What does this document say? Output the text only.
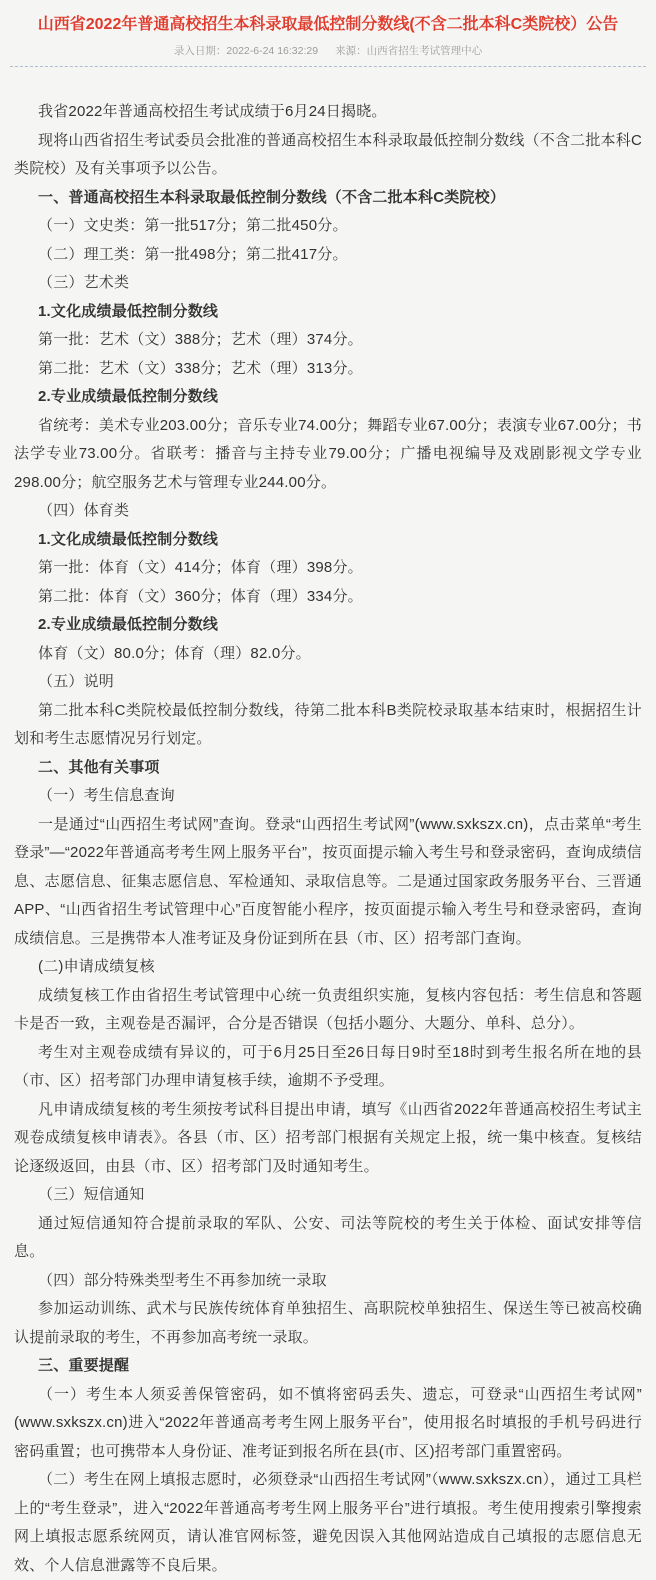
山西省2022年普通高校招生本科录取最低控制分数线(不含二批本科C类院校）公告
录入日期：2022-6-24 16:32:29 来源：山西省招生考试管理中心

我省2022年普通高校招生考试成绩于6月24日揭晓。

现将山西省招生考试委员会批准的普通高校招生本科录取最低控制分数线（不含二批本科C类院校）及有关事项予以公告。

一、普通高校招生本科录取最低控制分数线（不含二批本科C类院校）

（一）文史类：第一批517分；第二批450分。

（二）理工类：第一批498分；第二批417分。

（三）艺术类

1.文化成绩最低控制分数线

第一批：艺术（文）388分；艺术（理）374分。

第二批：艺术（文）338分；艺术（理）313分。

2.专业成绩最低控制分数线

省统考：美术专业203.00分；音乐专业74.00分；舞蹈专业67.00分；表演专业67.00分；书法学专业73.00分。省联考：播音与主持专业79.00分；广播电视编导及戏剧影视文学专业298.00分；航空服务艺术与管理专业244.00分。

（四）体育类

1.文化成绩最低控制分数线

第一批：体育（文）414分；体育（理）398分。

第二批：体育（文）360分；体育（理）334分。

2.专业成绩最低控制分数线

体育（文）80.0分；体育（理）82.0分。

（五）说明

第二批本科C类院校最低控制分数线，待第二批本科B类院校录取基本结束时，根据招生计划和考生志愿情况另行划定。

二、其他有关事项

（一）考生信息查询

一是通过“山西招生考试网”查询。登录“山西招生考试网”(www.sxkszx.cn)，点击菜单“考生登录”—“2022年普通高考考生网上服务平台”，按页面提示输入考生号和登录密码，查询成绩信息、志愿信息、征集志愿信息、军检通知、录取信息等。二是通过国家政务服务平台、三晋通APP、“山西省招生考试管理中心”百度智能小程序，按页面提示输入考生号和登录密码，查询成绩信息。三是携带本人准考证及身份证到所在县（市、区）招考部门查询。

(二)申请成绩复核

成绩复核工作由省招生考试管理中心统一负责组织实施，复核内容包括：考生信息和答题卡是否一致，主观卷是否漏评，合分是否错误（包括小题分、大题分、单科、总分）。

考生对主观卷成绩有异议的，可于6月25日至26日每日9时至18时到考生报名所在地的县（市、区）招考部门办理申请复核手续，逾期不予受理。

凡申请成绩复核的考生须按考试科目提出申请，填写《山西省2022年普通高校招生考试主观卷成绩复核申请表》。各县（市、区）招考部门根据有关规定上报，统一集中核查。复核结论逐级返回，由县（市、区）招考部门及时通知考生。

（三）短信通知

通过短信通知符合提前录取的军队、公安、司法等院校的考生关于体检、面试安排等信息。

（四）部分特殊类型考生不再参加统一录取

参加运动训练、武术与民族传统体育单独招生、高职院校单独招生、保送生等已被高校确认提前录取的考生，不再参加高考统一录取。

三、重要提醒

（一）考生本人须妥善保管密码，如不慎将密码丢失、遗忘，可登录“山西招生考试网”(www.sxkszx.cn)进入“2022年普通高考考生网上服务平台”，使用报名时填报的手机号码进行密码重置；也可携带本人身份证、准考证到报名所在县(市、区)招考部门重置密码。

（二）考生在网上填报志愿时，必须登录“山西招生考试网”（www.sxkszx.cn），通过工具栏上的“考生登录”，进入“2022年普通高考考生网上服务平台”进行填报。考生使用搜索引擎搜索网上填报志愿系统网页，请认准官网标签，避免因误入其他网站造成自己填报的志愿信息无效、个人信息泄露等不良后果。
